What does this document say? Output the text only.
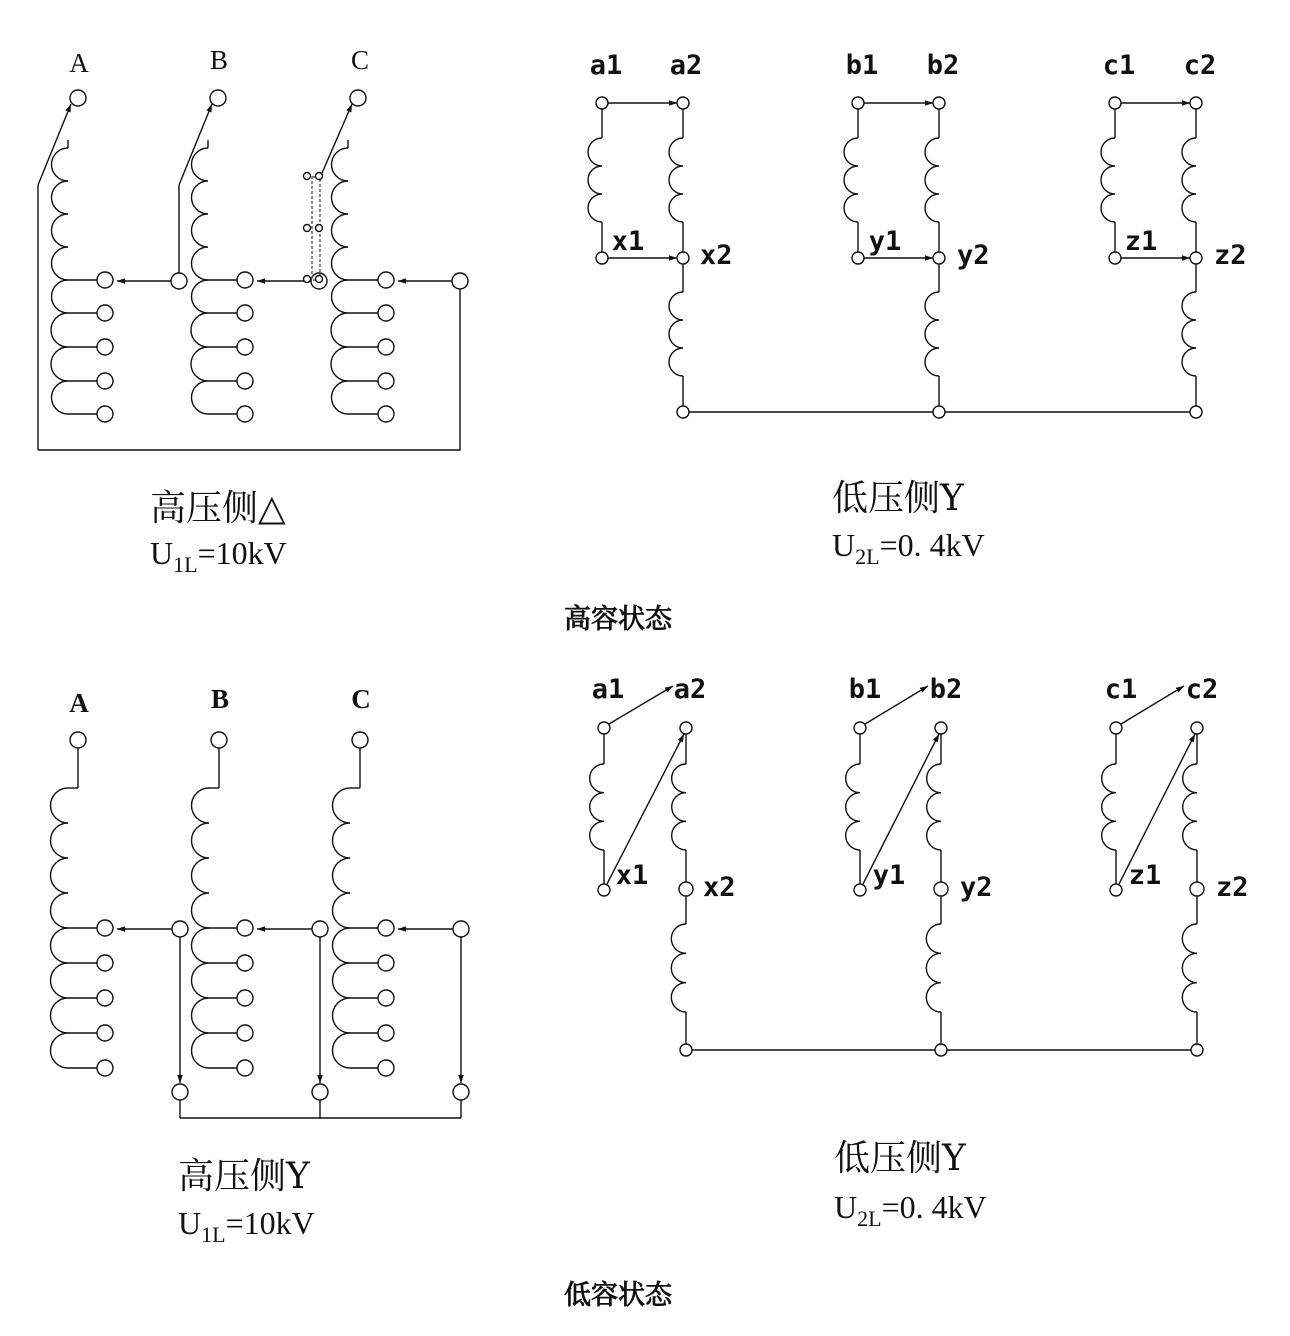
A	B	C
高压侧△
$U_{1L}=10kV$
a1 a2	b1 b2	c1 c2
x1	y1	z1
x2	y2	z2
低压侧Y
$U_{2L}=0$. 4kV
高容状态
A	B	C
高压侧Y
$U_{1L}=10kV$
a1 a2	b1 b2	c1 c2
x1	y1	z1
x2	y2	z2
低压侧Y
$U_{2L}=0$. 4kV
低容状态
